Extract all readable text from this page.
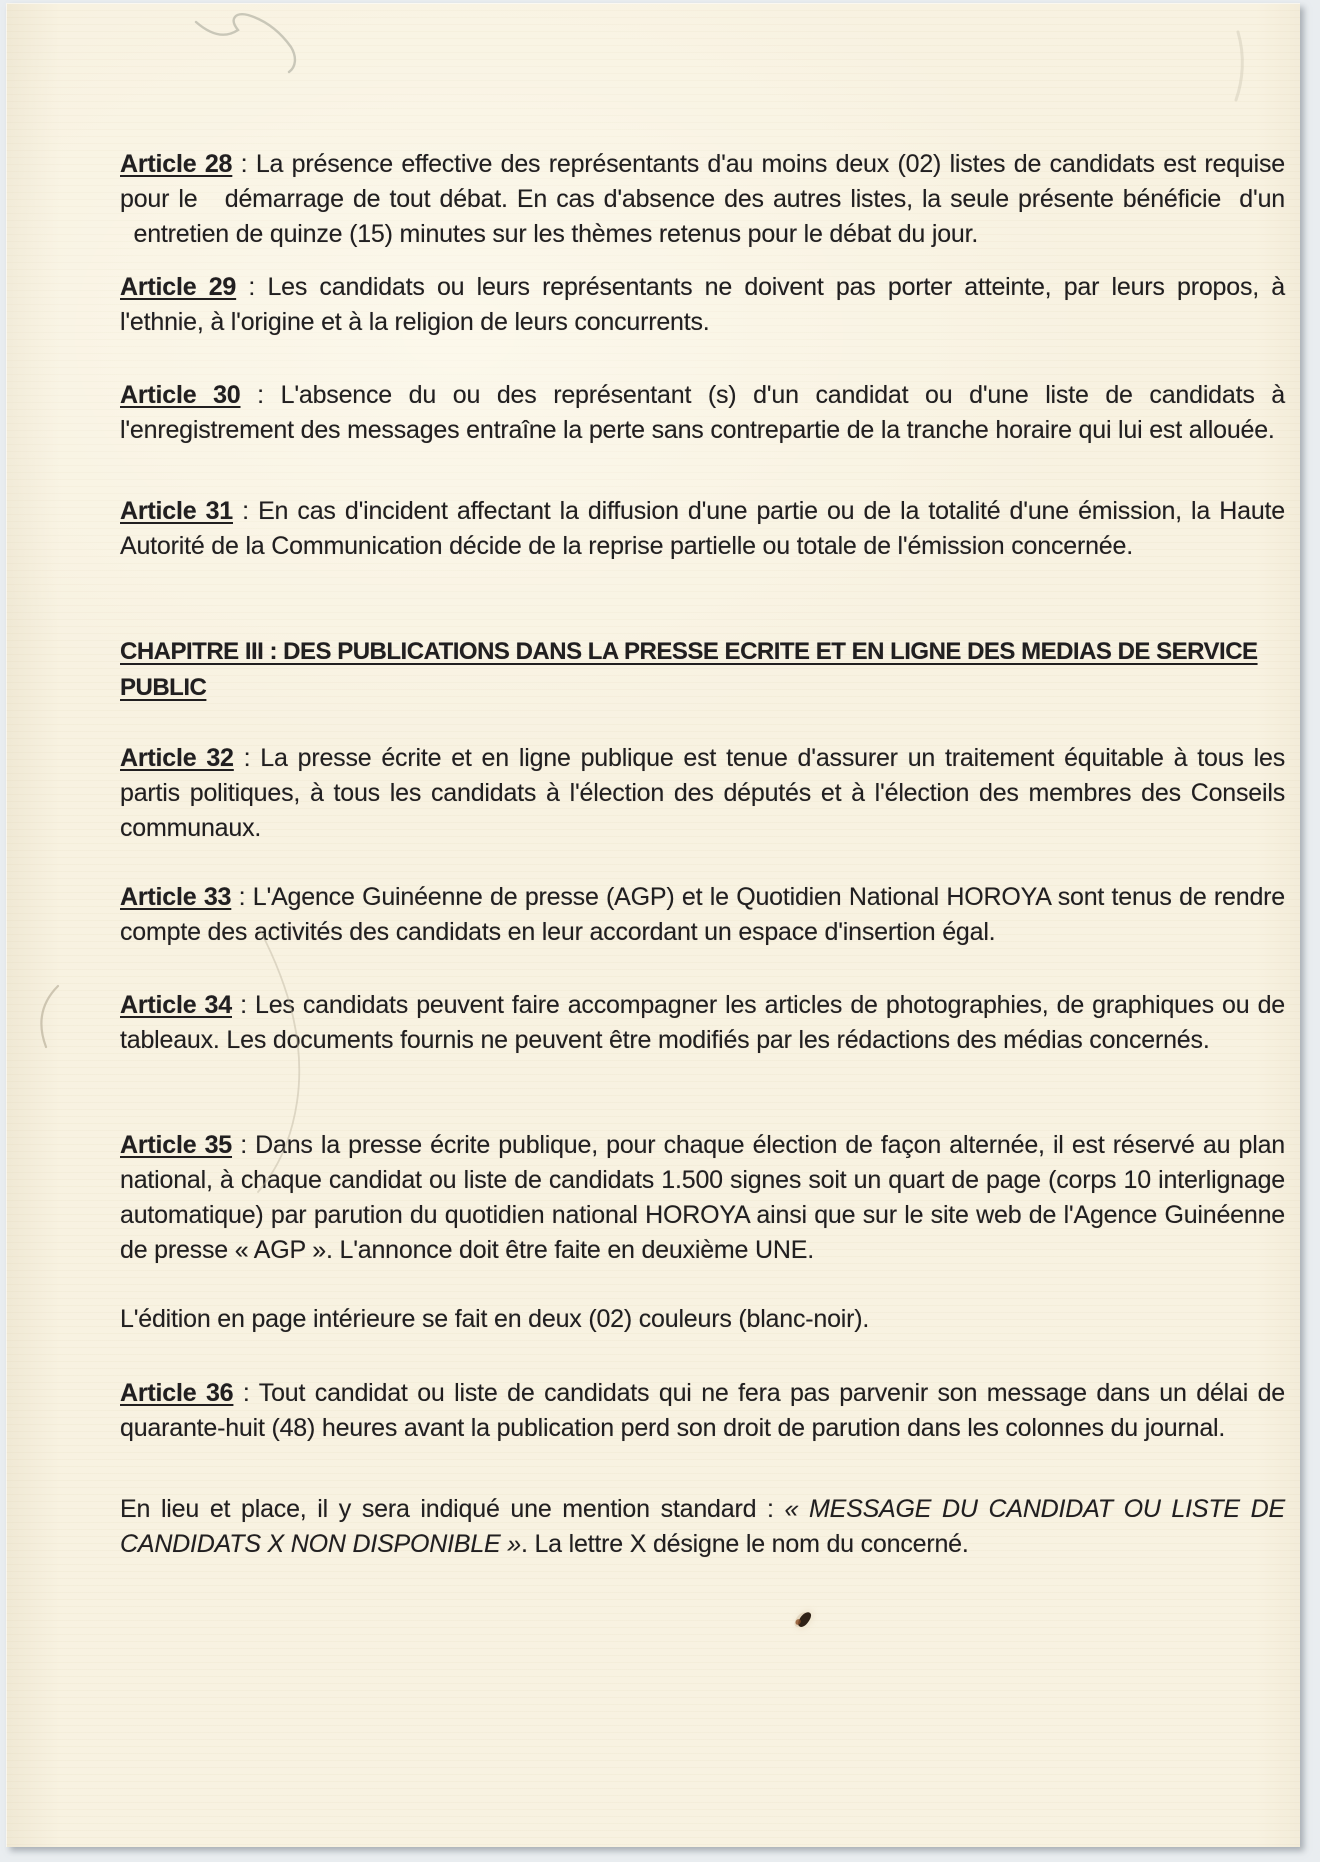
Article 28 : La présence effective des représentants d'au moins deux (02) listes de candidats est requise pour le   démarrage de tout débat. En cas d'absence des autres listes, la seule présente bénéficie  d'un   entretien de quinze (15) minutes sur les thèmes retenus pour le débat du jour.

Article 29 : Les candidats ou leurs représentants ne doivent pas porter atteinte, par leurs propos, à l'ethnie, à l'origine et à la religion de leurs concurrents.

Article 30 : L'absence du ou des représentant (s) d'un candidat ou d'une liste de candidats à l'enregistrement des messages entraîne la perte sans contrepartie de la tranche horaire qui lui est allouée.

Article 31 : En cas d'incident affectant la diffusion d'une partie ou de la totalité d'une émission, la Haute Autorité de la Communication décide de la reprise partielle ou totale de l'émission concernée.

CHAPITRE III : DES PUBLICATIONS DANS LA PRESSE ECRITE ET EN LIGNE DES MEDIAS DE SERVICE PUBLIC

Article 32 : La presse écrite et en ligne publique est tenue d'assurer un traitement équitable à tous les partis politiques, à tous les candidats à l'élection des députés et à l'élection des membres des Conseils communaux.

Article 33 : L'Agence Guinéenne de presse (AGP) et le Quotidien National HOROYA sont tenus de rendre compte des activités des candidats en leur accordant un espace d'insertion égal.

Article 34 : Les candidats peuvent faire accompagner les articles de photographies, de graphiques ou de tableaux. Les documents fournis ne peuvent être modifiés par les rédactions des médias concernés.

Article 35 : Dans la presse écrite publique, pour chaque élection de façon alternée, il est réservé au plan national, à chaque candidat ou liste de candidats 1.500 signes soit un quart de page (corps 10 interlignage automatique) par parution du quotidien national HOROYA ainsi que sur le site web de l'Agence Guinéenne de presse « AGP ». L'annonce doit être faite en deuxième UNE.

L'édition en page intérieure se fait en deux (02) couleurs (blanc-noir).

Article 36 : Tout candidat ou liste de candidats qui ne fera pas parvenir son message dans un délai de quarante-huit (48) heures avant la publication perd son droit de parution dans les colonnes du journal.

En lieu et place, il y sera indiqué une mention standard : « MESSAGE DU CANDIDAT OU LISTE DE CANDIDATS X NON DISPONIBLE ». La lettre X désigne le nom du concerné.
